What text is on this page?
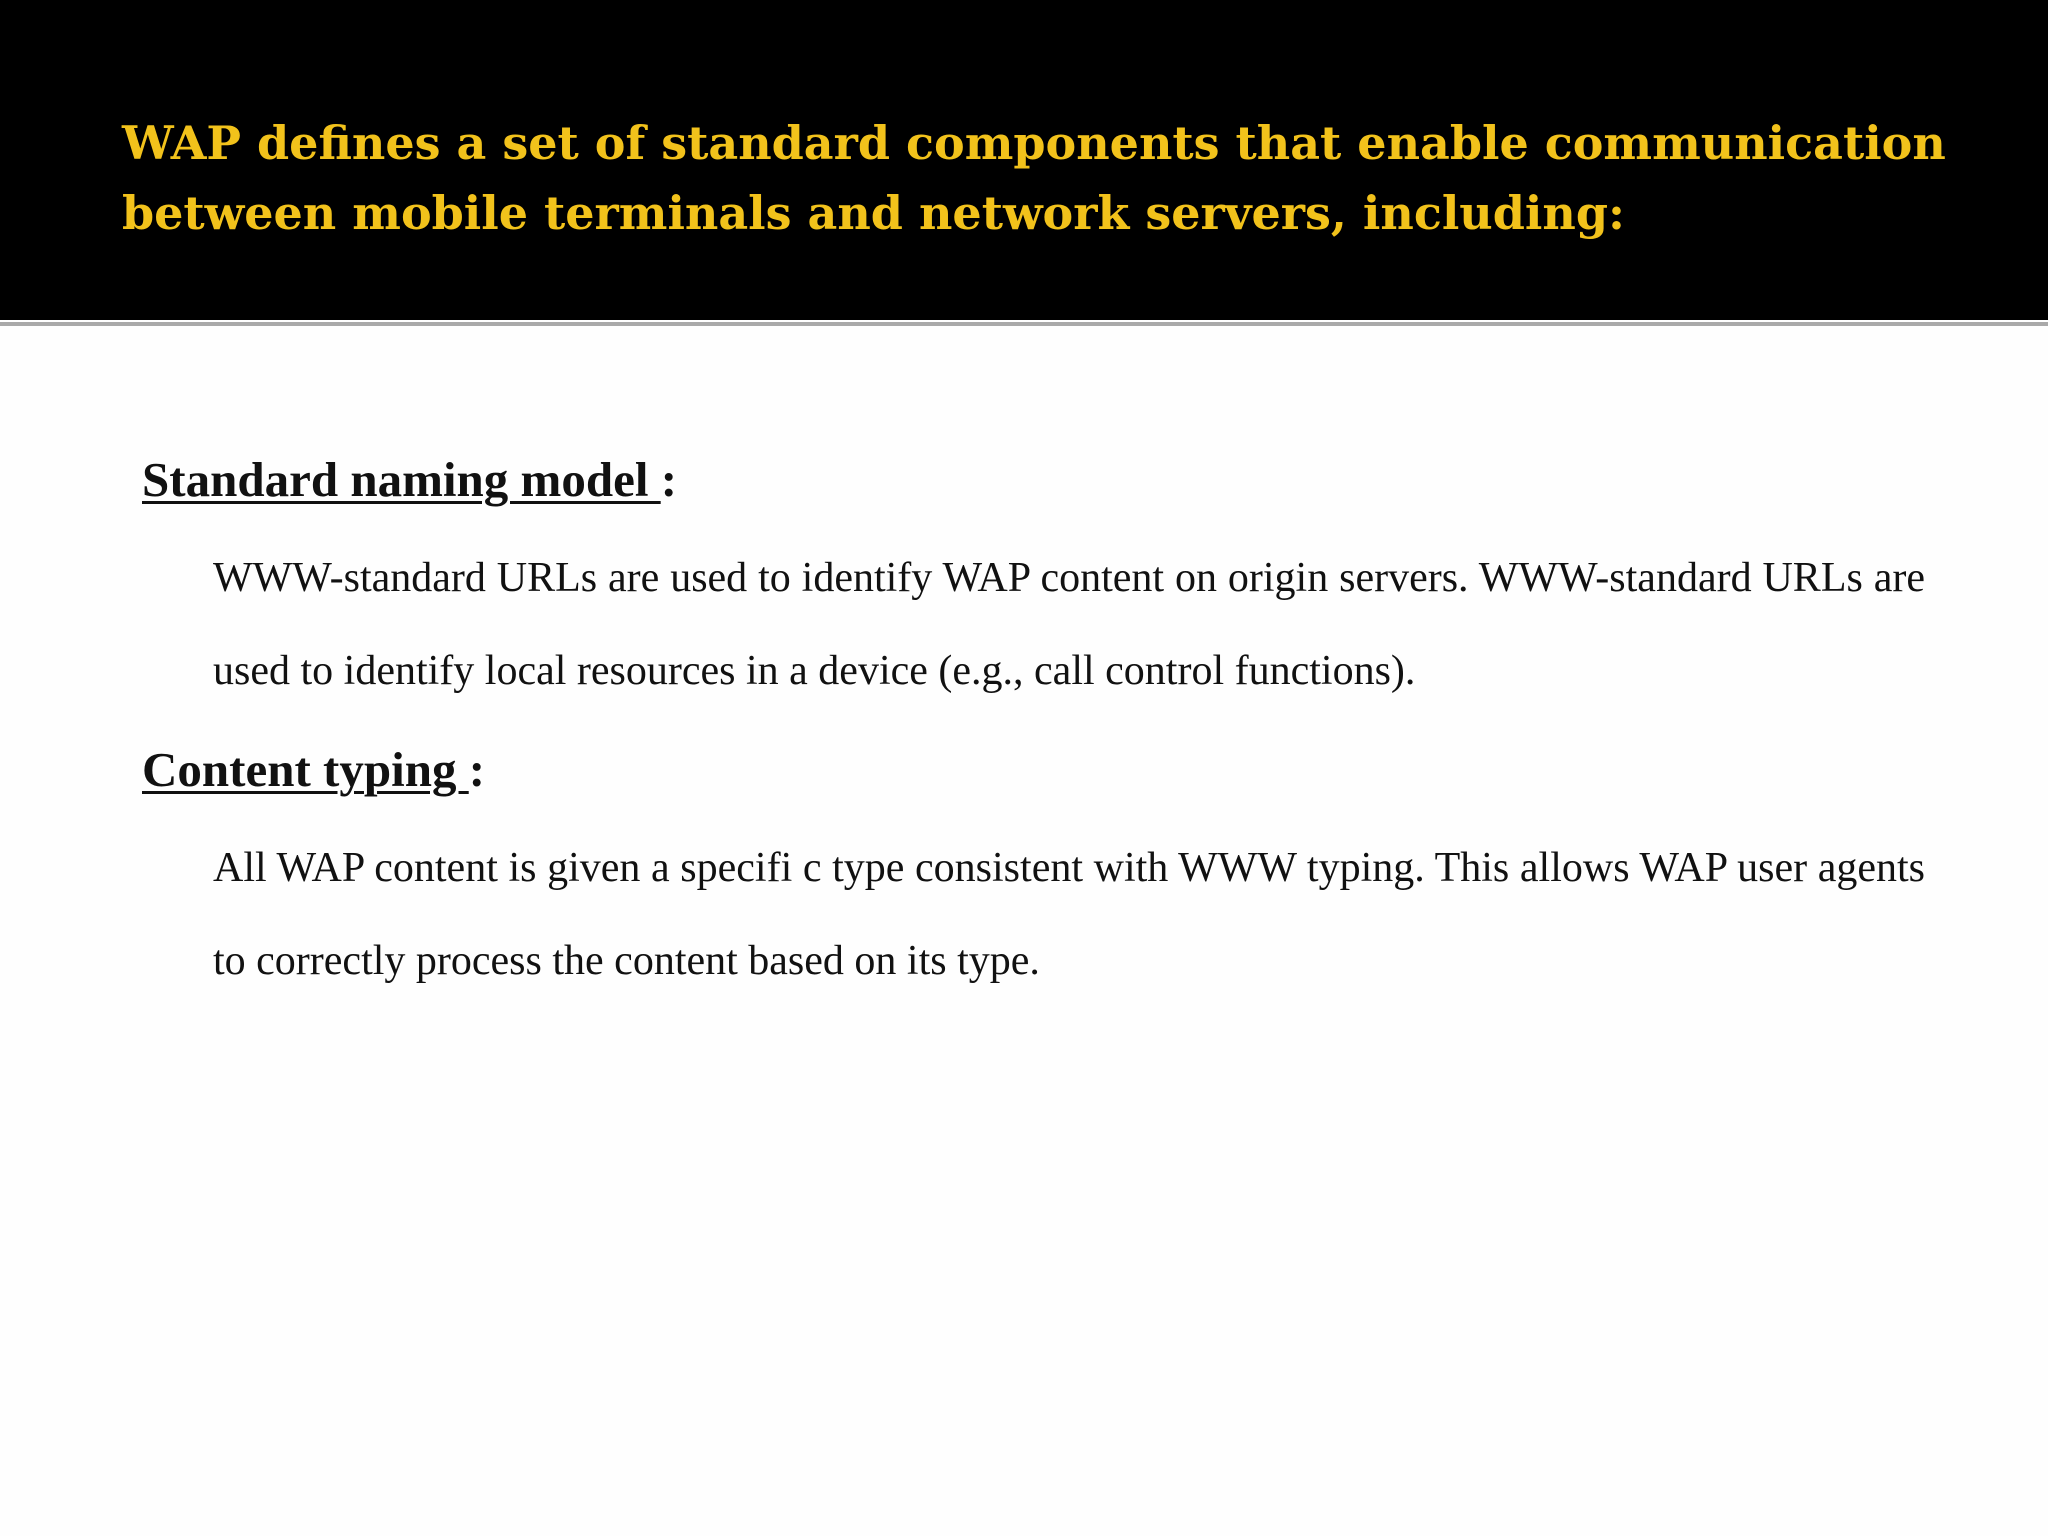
WAP defines a set of standard components that enable communication between mobile terminals and network servers, including:
Standard naming model :

WWW-standard URLs are used to identify WAP content on origin servers. WWW-standard URLs are used to identify local resources in a device (e.g., call control functions).

Content typing :

All WAP content is given a specifi c type consistent with WWW typing. This allows WAP user agents to correctly process the content based on its type.
